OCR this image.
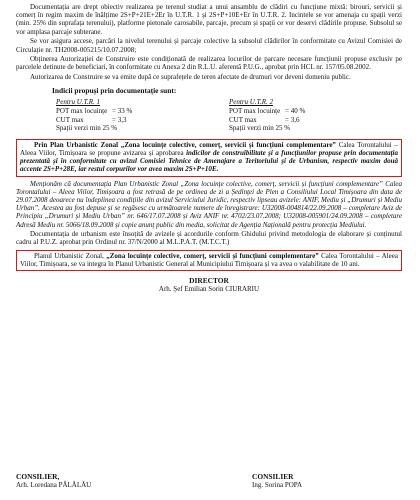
Documentația are drept obiectiv realizarea pe terenul studiat a unui ansamblu de clădiri cu funcțiune mixtă: birouri, servicii și comerț în regim maxim de înălțime 2S+P+21E+2Er în U.T.R. 1 și 2S+P+10E+Er în U.T.R. 2. Incintele se vor amenaja cu spații verzi (min. 25% din suprafața terenului), platforme pietonale carosabile, parcaje, precum și spații ce vor deservi clădirile propuse. Subsolul se vor amplasa parcaje subterane.

Se vor asigura accese, parcări la nivelul terenului și parcaje colective la subsolul clădirilor în conformitate cu Avizul Comisiei de Circulație nr. TH2008-005215/10.07.2008;

Obținerea Autorizației de Construire este condiționată de realizarea locurilor de parcare necesare funcțiunii propuse exclusiv pe parcelele detinute de beneficiari, în conformitate cu Anexa 2 din R.L.U. aferentă P.U.G., aprobat prin HCL nr. 157/05.08.2002.

Autorizarea de Construire se va emite după ce suprafețele de teren afectate de drumuri vor deveni domeniu public.

Indicii propuși prin documentație sunt:
Pentru U.T.R. 1
POT max locuințe = 33 %
CUT max	= 3,3
Spații verzi min 25 %
Pentru U.T.R. 2
POT max locuințe = 40 %
CUT max	= 3,6
Spații verzi min 25 %

Prin Plan Urbanistic Zonal „Zona locuințe colective, comerț, servicii și funcțiuni complementare” Calea Torontalului – Aleea Viilor, Timișoara se propune avizarea și aprobarea indicilor de construibilitate și a funcțiunilor propuse prin documentația prezentată și în conformitate cu avizul Comisiei Tehnice de Amenajare a Teritoriului și de Urbanism, respectiv maxim două accente 2S+P+28E, iar restul corpurilor vor avea maxim 2S+P+10E.

Menționăm că documentația Plan Urbanistic Zonal „Zona locuințe colective, comerț, servicii și funcțiuni complementare” Calea Torontalului – Aleea Viilor, Timișoara a fost retrasă de pe ordinea de zi a Ședinței de Plen a Consiliului Local Timișoara din data de 29.07.2008 deoarece nu îndeplinea condițiile din avizul Serviciului Juridic, respectiv lipseau avizele: ANIF, Mediu și „Drumuri și Mediu Urban”. Acestea au fost depuse și se regăsesc cu următoarele numere de înregistrare: U32008-004814/22.09.2008 – completare Aviz de Principiu „Drumuri și Mediu Urban” nr. 646/17.07.2008 și Aviz ANIF nr. 4702/23.07.2008; U32008-005901/24.09.2008 – completare Adresă Mediu nr. 5066/18.09.2008 și copie anunț public din media, solicitat de Agenția Națională pentru protecția Mediului.

Documentația de urbanism este însoțită de avizele și acordurile conform Ghidului privind metodologia de elaborare și conținutul cadru al P.U.Z. aprobat prin Ordinul nr. 37/N/2000 al M.L.P.A.T. (M.T.C.T.)

Planul Urbanistic Zonal, „Zona locuințe colective, comerț, servicii și funcțiuni complementare” Calea Torontalului – Aleea Viilor, Timișoara, se va integra în Planul Urbanistic General al Municipiului Timișoara și va avea o valabilitate de 10 ani.

DIRECTOR
Arh. Șef Emilian Sorin CIURARIU
CONSILIER,
Arh. Loredana PĂLĂLĂU
CONSILIER
Ing. Sorina POPA
